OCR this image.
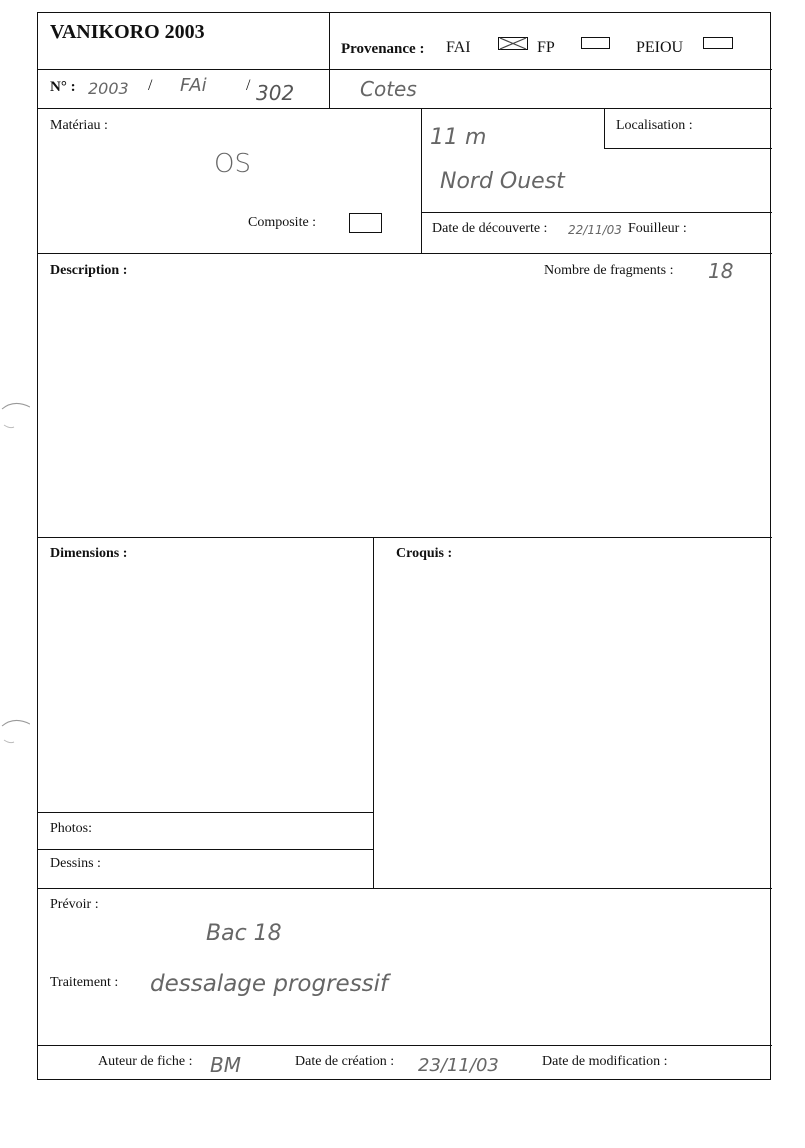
VANIKORO 2003
Provenance : FAI	FP	PEIOU
N° : 2003 / FAi / 302	Cotes
Matériau :
OS
Composite :
11 m
Nord Ouest
Localisation :
Date de découverte : 22/11/03 Fouilleur :
Description :	Nombre de fragments : 18
Dimensions :	Croquis :
Photos:
Dessins :
Prévoir :
Bac 18
Traitement : dessalage progressif
Auteur de fiche : BM	Date de création : 23/11/03	Date de modification :
